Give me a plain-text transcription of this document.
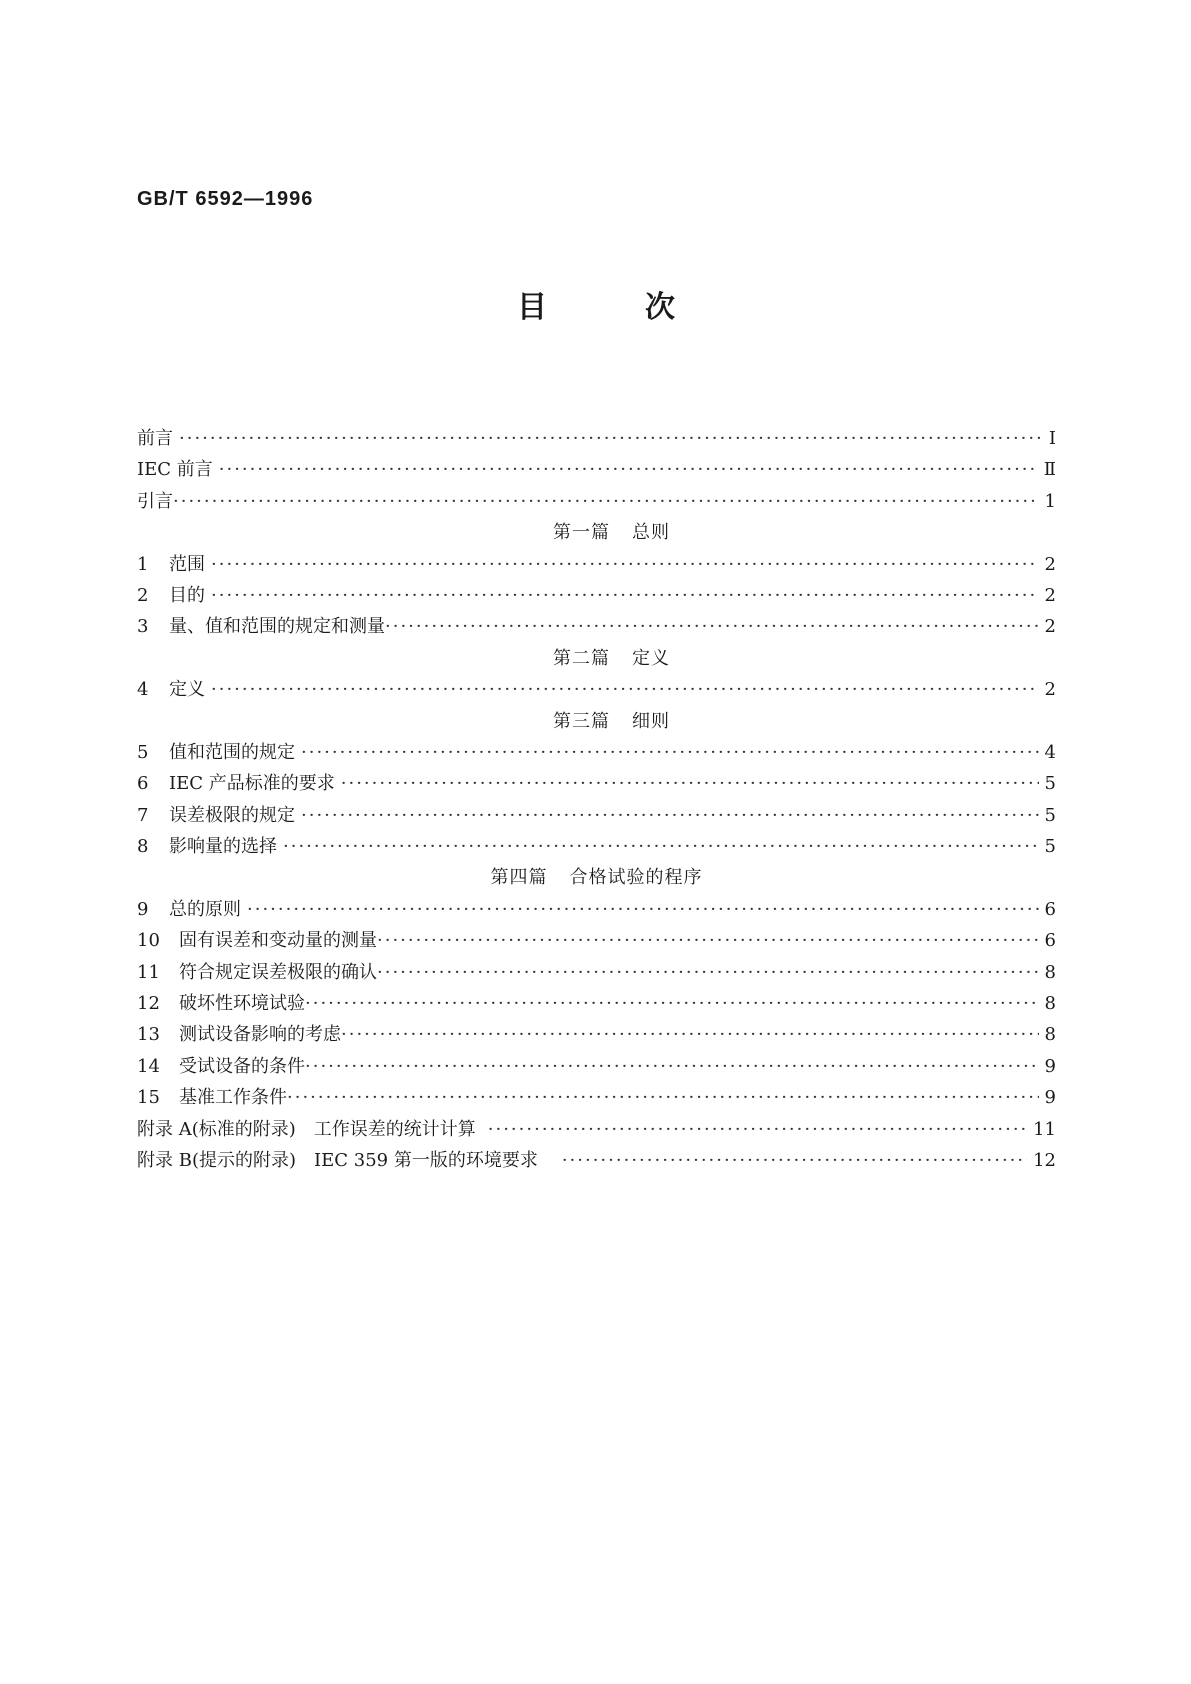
GB/T 6592—1996
目	次
前言 ·····	Ⅰ
IEC 前言 ·····	Ⅱ
引言 ·····	1
第一篇 总则
1	范围 ·····	2
2	目的 ·····	2
3	量、值和范围的规定和测量 ·····	2
第二篇 定义
4	定义 ·····	2
第三篇 细则
5	值和范围的规定 ·····	4
6	IEC 产品标准的要求 ·····	5
7	误差极限的规定 ·····	5
8	影响量的选择 ·····	5
第四篇 合格试验的程序
9	总的原则 ·····	6
10	固有误差和变动量的测量 ·····	6
11	符合规定误差极限的确认 ·····	8
12	破坏性环境试验 ·····	8
13	测试设备影响的考虑 ·····	8
14	受试设备的条件 ·····	9
15	基准工作条件 ·····	9
附录 A(标准的附录)　工作误差的统计计算 ·····	11
附录 B(提示的附录)　IEC 359 第一版的环境要求 ·····	12
